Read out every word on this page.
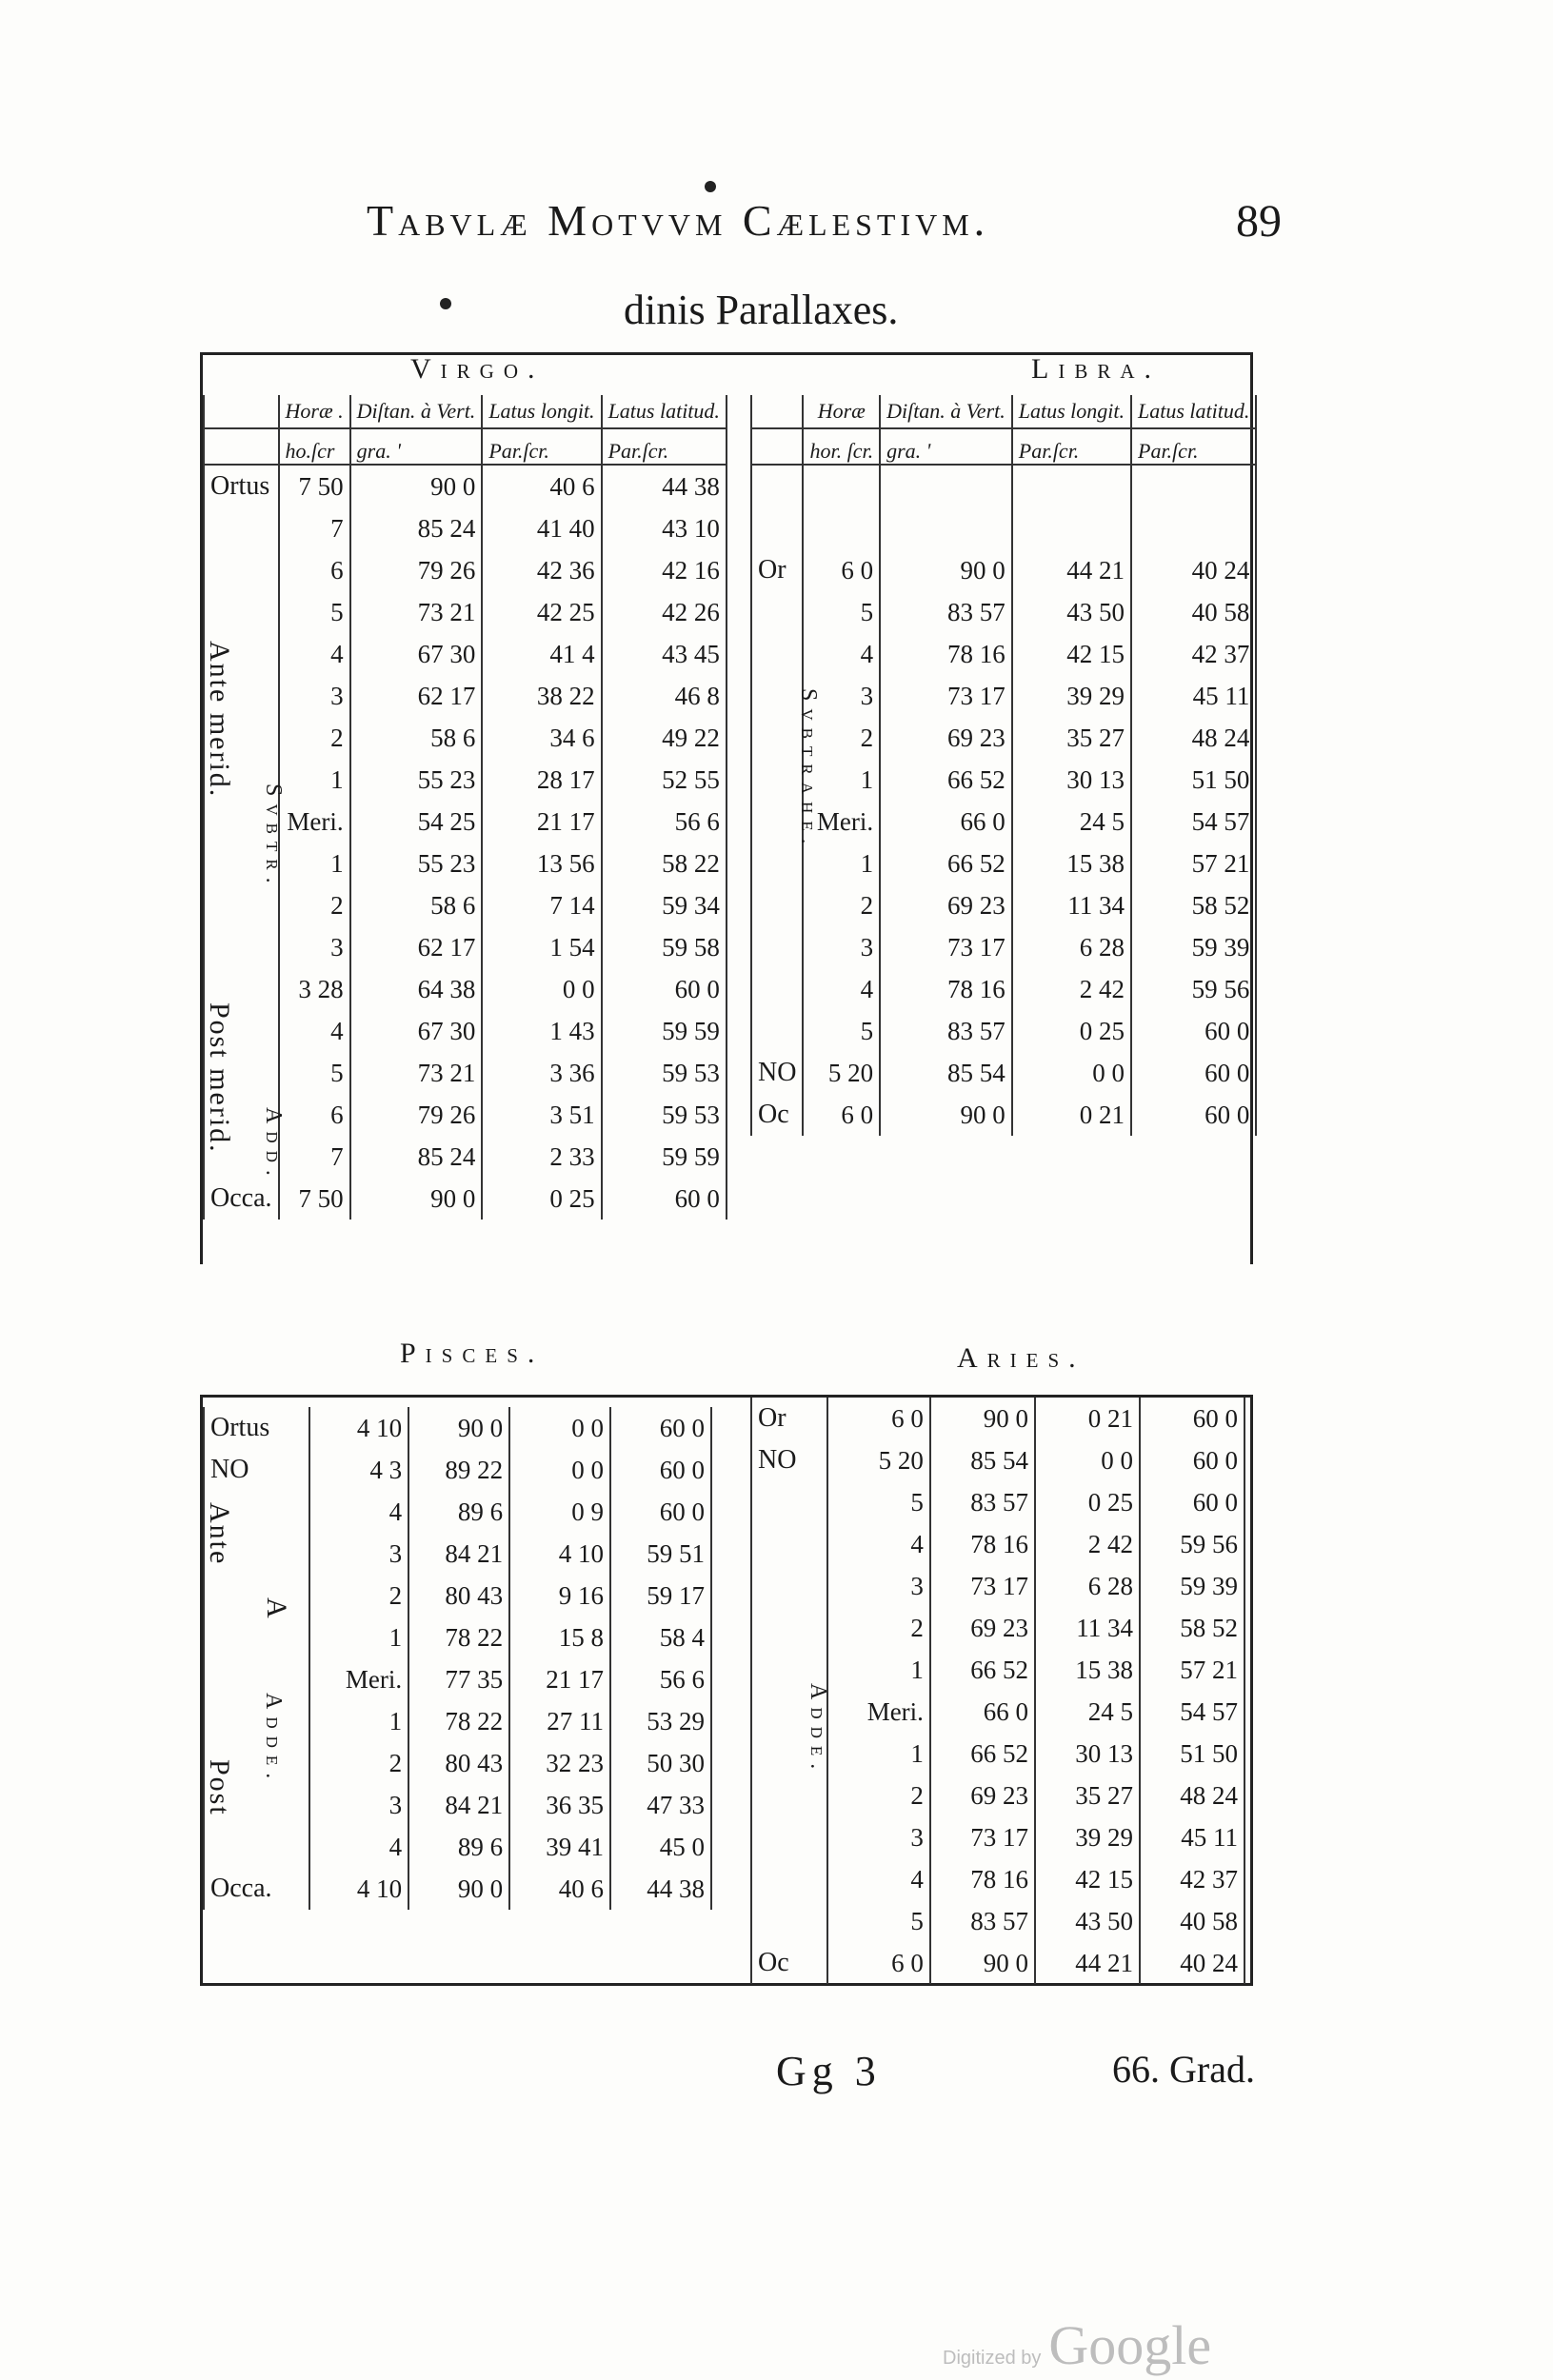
Tabvlæ Motvvm Cælestivm.	89
dinis Parallaxes.
Virgo.	Libra.
	Horæ .	Diſtan. à Vert.	Latus longit.	Latus latitud.
	ho.ſcr	gra. ʹ	Par.ſcr.	Par.ſcr.
Ortus	7 50	90 0	40 6	44 38
	7	85 24	41 40	43 10
	6	79 26	42 36	42 16
	5	73 21	42 25	42 26
	4	67 30	41 4	43 45
	3	62 17	38 22	46 8
	2	58 6	34 6	49 22
	1	55 23	28 17	52 55
	Meri.	54 25	21 17	56 6
	1	55 23	13 56	58 22
	2	58 6	7 14	59 34
	3	62 17	1 54	59 58
	3 28	64 38	0 0	60 0
	4	67 30	1 43	59 59
	5	73 21	3 36	59 53
	6	79 26	3 51	59 53
	7	85 24	2 33	59 59
Occa.	7 50	90 0	0 25	60 0
	Horæ	Diſtan. à Vert.	Latus longit.	Latus latitud.
	hor. ſcr.	gra. ʹ	Par.ſcr.	Par.ſcr.

Or	6 0	90 0	44 21	40 24
	5	83 57	43 50	40 58
	4	78 16	42 15	42 37
	3	73 17	39 29	45 11
	2	69 23	35 27	48 24
	1	66 52	30 13	51 50
	Meri.	66 0	24 5	54 57
	1	66 52	15 38	57 21
	2	69 23	11 34	58 52
	3	73 17	6 28	59 39
	4	78 16	2 42	59 56
	5	83 57	0 25	60 0
NO	5 20	85 54	0 0	60 0
Oc	6 0	90 0	0 21	60 0
Ante merid.
Post merid.
Svbtr.
Add.
Svbtrahe.
Pisces.	Aries.
Ortus	4 10	90 0	0 0	60 0
NO	4 3	89 22	0 0	60 0
	4	89 6	0 9	60 0
	3	84 21	4 10	59 51
	2	80 43	9 16	59 17
	1	78 22	15 8	58 4
	Meri.	77 35	21 17	56 6
	1	78 22	27 11	53 29
	2	80 43	32 23	50 30
	3	84 21	36 35	47 33
	4	89 6	39 41	45 0
Occa.	4 10	90 0	40 6	44 38
Or	6 0	90 0	0 21	60 0
NO	5 20	85 54	0 0	60 0
	5	83 57	0 25	60 0
	4	78 16	2 42	59 56
	3	73 17	6 28	59 39
	2	69 23	11 34	58 52
	1	66 52	15 38	57 21
	Meri.	66 0	24 5	54 57
	1	66 52	30 13	51 50
	2	69 23	35 27	48 24
	3	73 17	39 29	45 11
	4	78 16	42 15	42 37
	5	83 57	43 50	40 58
Oc	6 0	90 0	44 21	40 24
Ante
Post
A
Adde.	Adde.
Gg 3	66. Grad.
Digitized by Google
